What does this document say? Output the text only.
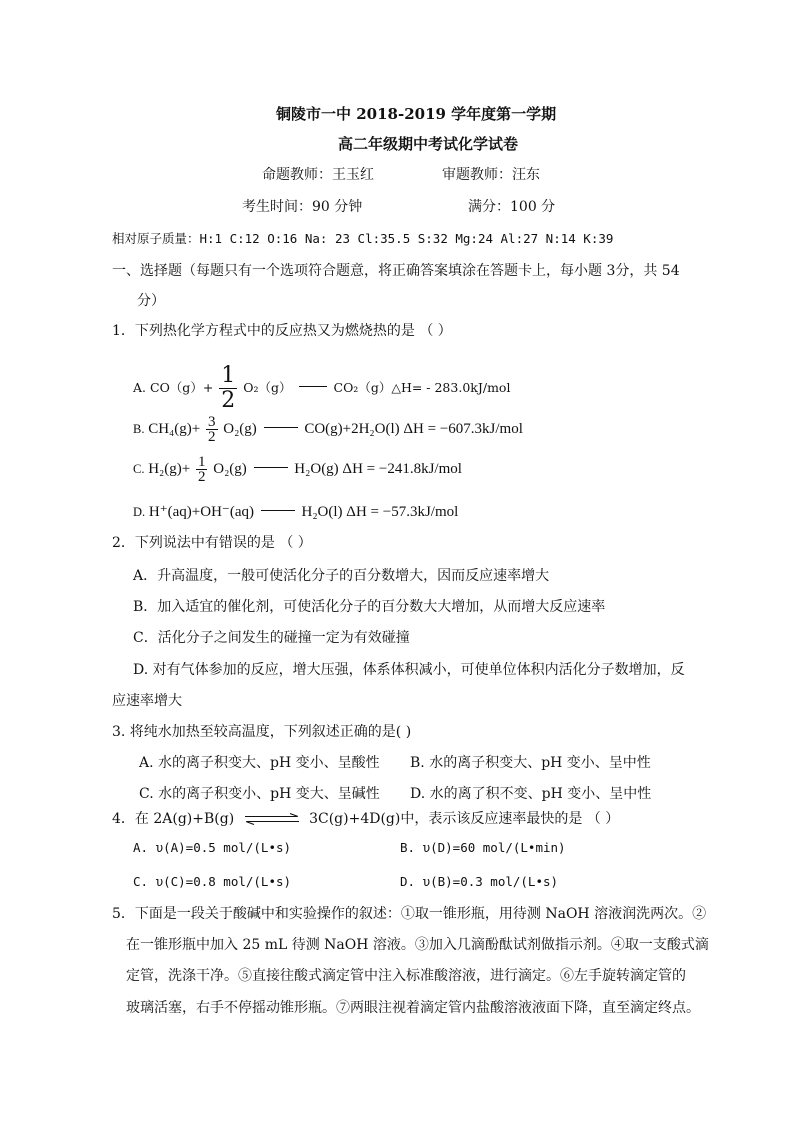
铜陵市一中 2018-2019 学年度第一学期
高二年级期中考试化学试卷
命题教师：王玉红	审题教师：汪东
考生时间：90 分钟	满分：100 分
相对原子质量：H:1 C:12 O:16 Na: 23 Cl:35.5 S:32 Mg:24 Al:27 N:14 K:39
一、选择题（每题只有一个选项符合题意，将正确答案填涂在答题卡上，每小题 3分，共 54
分）
1．下列热化学方程式中的反应热又为燃烧热的是 （ ）
A. $CO(g)+ \frac{1}{2} O_2(g)$	CO₂（g）△H= - 283.0kJ/mol
B. $CH_4(g)+ \frac{3}{2} O_2(g)$	CO(g)+2H₂O(l) ΔH = −607.3kJ/mol
C. $H_2(g)+ \frac{1}{2} O_2(g)$	H₂O(g) ΔH = −241.8kJ/mol
D. H⁺(aq)+OH⁻(aq)	H₂O(l) ΔH = −57.3kJ/mol
2．下列说法中有错误的是 （ ）
A．升高温度，一般可使活化分子的百分数增大，因而反应速率增大
B．加入适宜的催化剂，可使活化分子的百分数大大增加，从而增大反应速率
C．活化分子之间发生的碰撞一定为有效碰撞
D. 对有气体参加的反应，增大压强，体系体积减小，可使单位体积内活化分子数增加，反
应速率增大
3. 将纯水加热至较高温度，下列叙述正确的是( )
A. 水的离子积变大、pH 变小、呈酸性 B. 水的离子积变大、pH 变小、呈中性
C. 水的离子积变小、pH 变大、呈碱性 D. 水的离了积不变、pH 变小、呈中性
4．在 2A(g)+B(g)	3C(g)+4D(g)中，表示该反应速率最快的是 （ ）
A. υ(A)=0.5 mol/(L•s)	B. υ(D)=60 mol/(L•min)
C. υ(C)=0.8 mol/(L•s)	D. υ(B)=0.3 mol/(L•s)
5．下面是一段关于酸碱中和实验操作的叙述：①取一锥形瓶，用待测 NaOH 溶液润洗两次。②
在一锥形瓶中加入 25 mL 待测 NaOH 溶液。③加入几滴酚酞试剂做指示剂。④取一支酸式滴
定管，洗涤干净。⑤直接往酸式滴定管中注入标准酸溶液，进行滴定。⑥左手旋转滴定管的
玻璃活塞，右手不停摇动锥形瓶。⑦两眼注视着滴定管内盐酸溶液液面下降，直至滴定终点。
